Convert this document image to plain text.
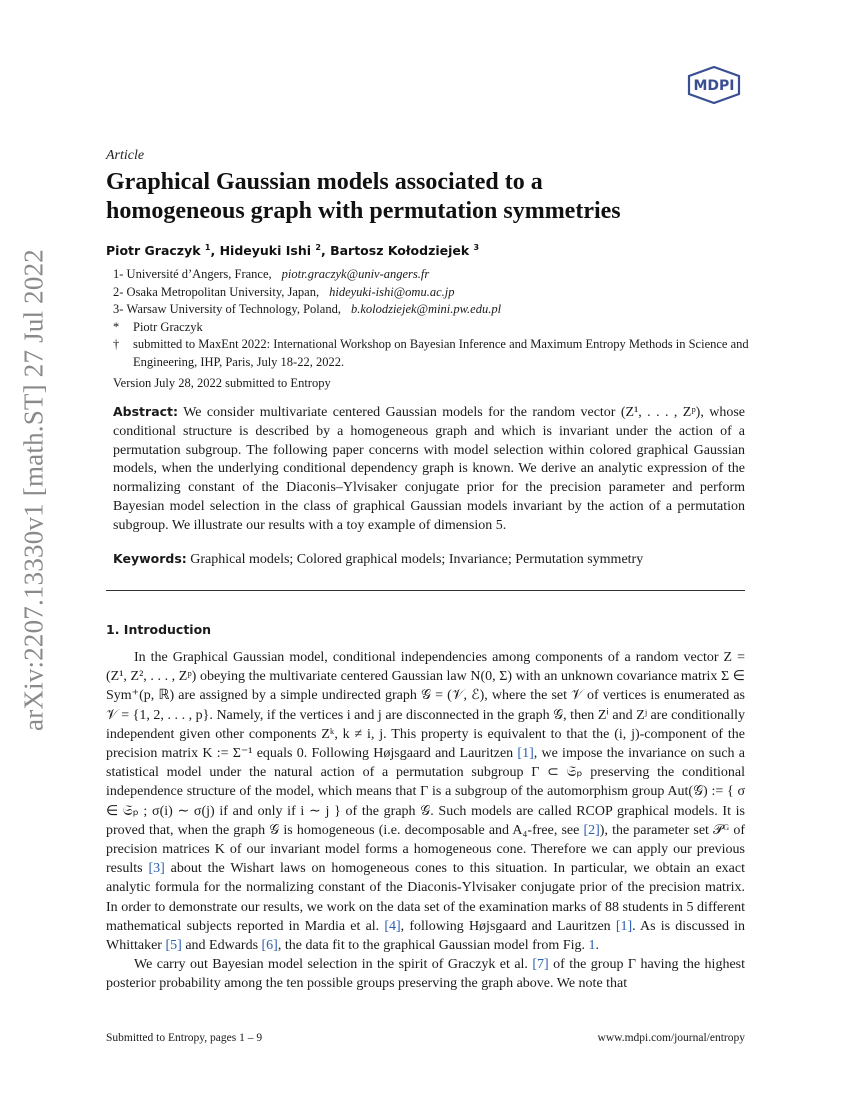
arXiv:2207.13330v1 [math.ST] 27 Jul 2022
MDPI
Article
Graphical Gaussian models associated to a
homogeneous graph with permutation symmetries
Piotr Graczyk $^1$, Hideyuki Ishi $^2$, Bartosz Kołodziejek $^3$
1-
Université d’Angers, France, piotr.graczyk@univ-angers.fr
2-
Osaka Metropolitan University, Japan, hideyuki-ishi@omu.ac.jp
3-
Warsaw University of Technology, Poland, b.kolodziejek@mini.pw.edu.pl
*	Piotr Graczyk
†	submitted to MaxEnt 2022: International Workshop on Bayesian Inference and Maximum Entropy Methods in Science and Engineering, IHP, Paris, July 18-22, 2022.
Version July 28, 2022 submitted to Entropy

Abstract: We consider multivariate centered Gaussian models for the random vector (Z¹, . . . , Zᵖ), whose conditional structure is described by a homogeneous graph and which is invariant under the action of a permutation subgroup. The following paper concerns with model selection within colored graphical Gaussian models, when the underlying conditional dependency graph is known. We derive an analytic expression of the normalizing constant of the Diaconis–Ylvisaker conjugate prior for the precision parameter and perform Bayesian model selection in the class of graphical Gaussian models invariant by the action of a permutation subgroup. We illustrate our results with a toy example of dimension 5.

Keywords: Graphical models; Colored graphical models; Invariance; Permutation symmetry

1. Introduction

In the Graphical Gaussian model, conditional independencies among components of a random vector Z = (Z¹, Z², . . . , Zᵖ) obeying the multivariate centered Gaussian law N(0, Σ) with an unknown covariance matrix Σ ∈ Sym⁺(p, ℝ) are assigned by a simple undirected graph 𝒢 = (𝒱, ℰ), where the set 𝒱 of vertices is enumerated as 𝒱 = {1, 2, . . . , p}. Namely, if the vertices i and j are disconnected in the graph 𝒢, then Zⁱ and Zʲ are conditionally independent given other components Zᵏ, k ≠ i, j. This property is equivalent to that the (i, j)-component of the precision matrix K := Σ⁻¹ equals 0. Following Højsgaard and Lauritzen [1], we impose the invariance on such a statistical model under the natural action of a permutation subgroup Γ ⊂ 𝔖ₚ preserving the conditional independence structure of the model, which means that Γ is a subgroup of the automorphism group Aut(𝒢) := { σ ∈ 𝔖ₚ ; σ(i) ∼ σ(j) if and only if i ∼ j } of the graph 𝒢. Such models are called RCOP graphical models. It is proved that, when the graph 𝒢 is homogeneous (i.e. decomposable and A₄-free, see [2]), the parameter set 𝒫ᴳ of precision matrices K of our invariant model forms a homogeneous cone. Therefore we can apply our previous results [3] about the Wishart laws on homogeneous cones to this situation. In particular, we obtain an exact analytic formula for the normalizing constant of the Diaconis-Ylvisaker conjugate prior of the precision matrix. In order to demonstrate our results, we work on the data set of the examination marks of 88 students in 5 different mathematical subjects reported in Mardia et al. [4], following Højsgaard and Lauritzen [1]. As is discussed in Whittaker [5] and Edwards [6], the data fit to the graphical Gaussian model from Fig. 1.

We carry out Bayesian model selection in the spirit of Graczyk et al. [7] of the group Γ having the highest posterior probability among the ten possible groups preserving the graph above. We note that

Submitted to Entropy, pages 1 – 9	www.mdpi.com/journal/entropy
